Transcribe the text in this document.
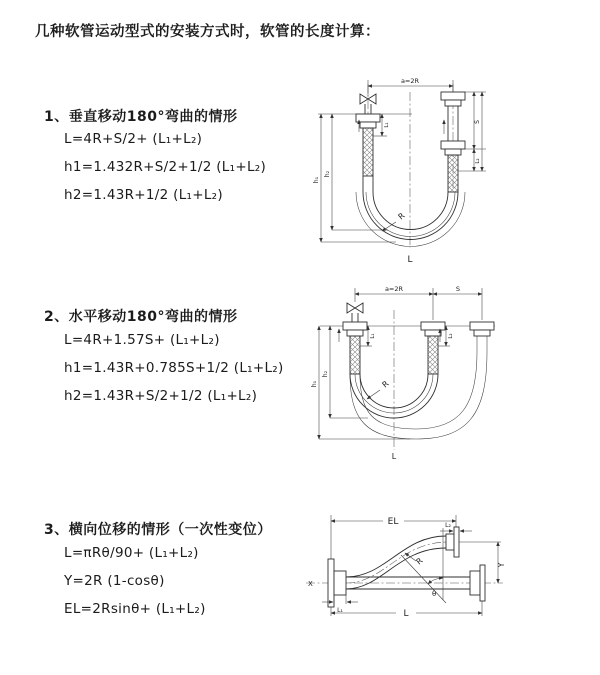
几种软管运动型式的安装方式时，软管的长度计算：
1、垂直移动180°弯曲的情形
L=4R+S/2+ (L₁+L₂)
h1=1.432R+S/2+1/2 (L₁+L₂)
h2=1.43R+1/2 (L₁+L₂)
2、水平移动180°弯曲的情形
L=4R+1.57S+ (L₁+L₂)
h1=1.43R+0.785S+1/2 (L₁+L₂)
h2=1.43R+S/2+1/2 (L₁+L₂)
3、横向位移的情形（一次性变位）
L=πRθ/90+ (L₁+L₂)
Y=2R (1-cosθ)
EL=2Rsinθ+ (L₁+L₂)
a=2R
h₁
h₂
L₁
S
L₂
R
L
a=2R	S
h₁
h₂
L₁	L₂
R
L
X
EL	L₂
Y
θ
R
L₁	L
